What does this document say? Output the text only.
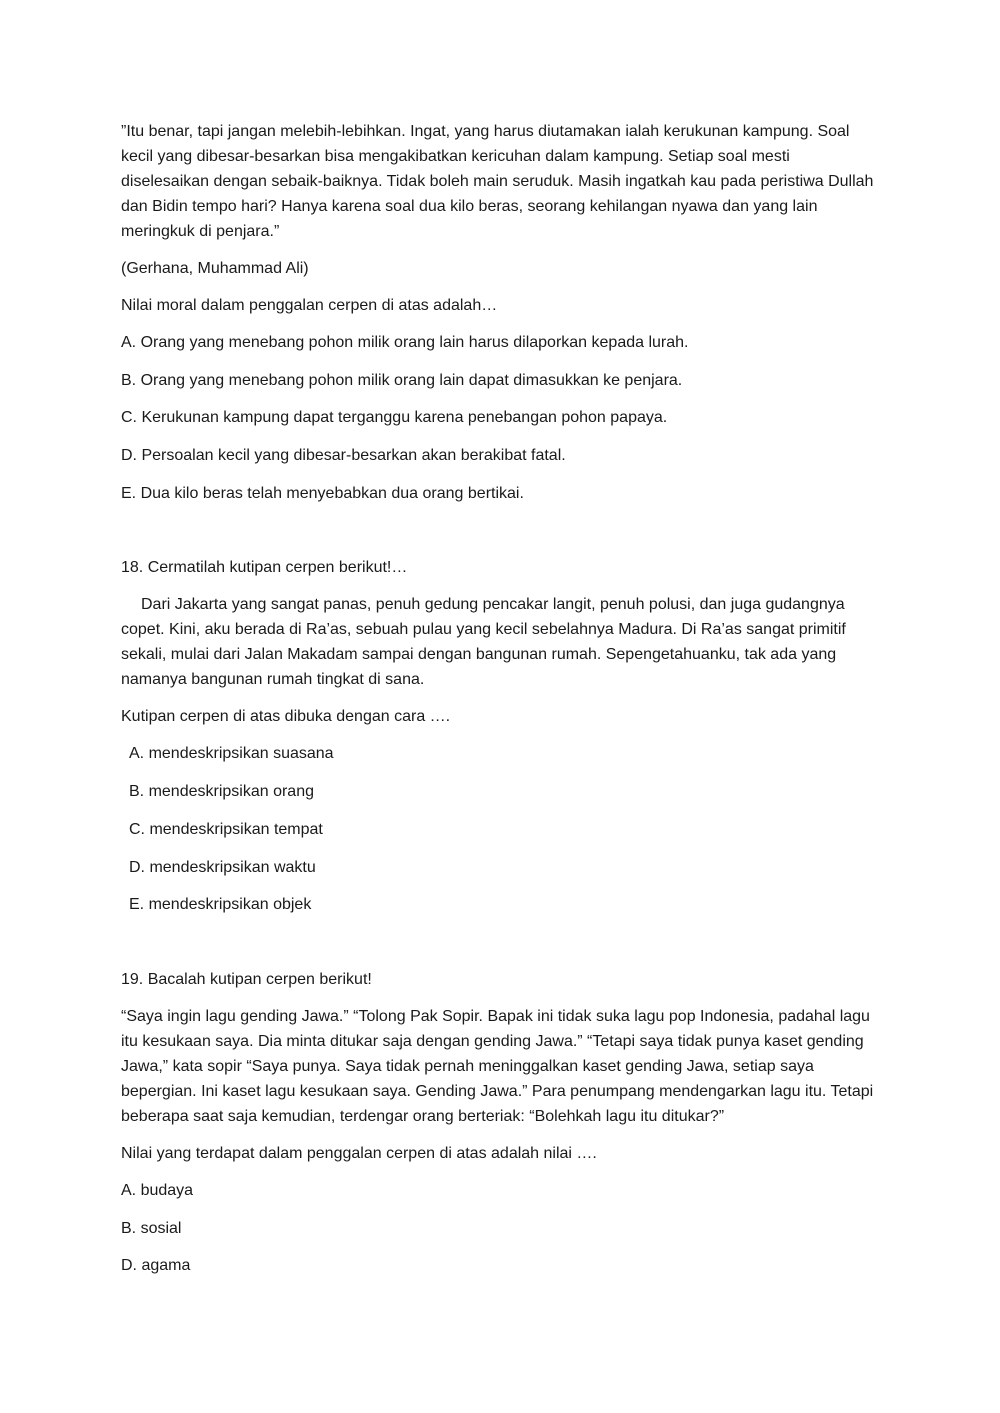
”Itu benar, tapi jangan melebih-lebihkan. Ingat, yang harus diutamakan ialah kerukunan kampung. Soal kecil yang dibesar-besarkan bisa mengakibatkan kericuhan dalam kampung. Setiap soal mesti diselesaikan dengan sebaik-baiknya. Tidak boleh main seruduk. Masih ingatkah kau pada peristiwa Dullah dan Bidin tempo hari? Hanya karena soal dua kilo beras, seorang kehilangan nyawa dan yang lain meringkuk di penjara.”

(Gerhana, Muhammad Ali)

Nilai moral dalam penggalan cerpen di atas adalah…

A. Orang yang menebang pohon milik orang lain harus dilaporkan kepada lurah.

B. Orang yang menebang pohon milik orang lain dapat dimasukkan ke penjara.

C. Kerukunan kampung dapat terganggu karena penebangan pohon papaya.

D. Persoalan kecil yang dibesar-besarkan akan berakibat fatal.

E. Dua kilo beras telah menyebabkan dua orang bertikai.

18. Cermatilah kutipan cerpen berikut!…

Dari Jakarta yang sangat panas, penuh gedung pencakar langit, penuh polusi, dan juga gudangnya copet. Kini, aku berada di Ra’as, sebuah pulau yang kecil sebelahnya Madura. Di Ra’as sangat primitif sekali, mulai dari Jalan Makadam sampai dengan bangunan rumah. Sepengetahuanku, tak ada yang namanya bangunan rumah tingkat di sana.

Kutipan cerpen di atas dibuka dengan cara ….

A. mendeskripsikan suasana

B. mendeskripsikan orang

C. mendeskripsikan tempat

D. mendeskripsikan waktu

E. mendeskripsikan objek

19. Bacalah kutipan cerpen berikut!

“Saya ingin lagu gending Jawa.” “Tolong Pak Sopir. Bapak ini tidak suka lagu pop Indonesia, padahal lagu itu kesukaan saya. Dia minta ditukar saja dengan gending Jawa.” “Tetapi saya tidak punya kaset gending Jawa,” kata sopir “Saya punya. Saya tidak pernah meninggalkan kaset gending Jawa, setiap saya bepergian. Ini kaset lagu kesukaan saya. Gending Jawa.” Para penumpang mendengarkan lagu itu. Tetapi beberapa saat saja kemudian, terdengar orang berteriak: “Bolehkah lagu itu ditukar?”

Nilai yang terdapat dalam penggalan cerpen di atas adalah nilai ….

A. budaya

B. sosial

D. agama
